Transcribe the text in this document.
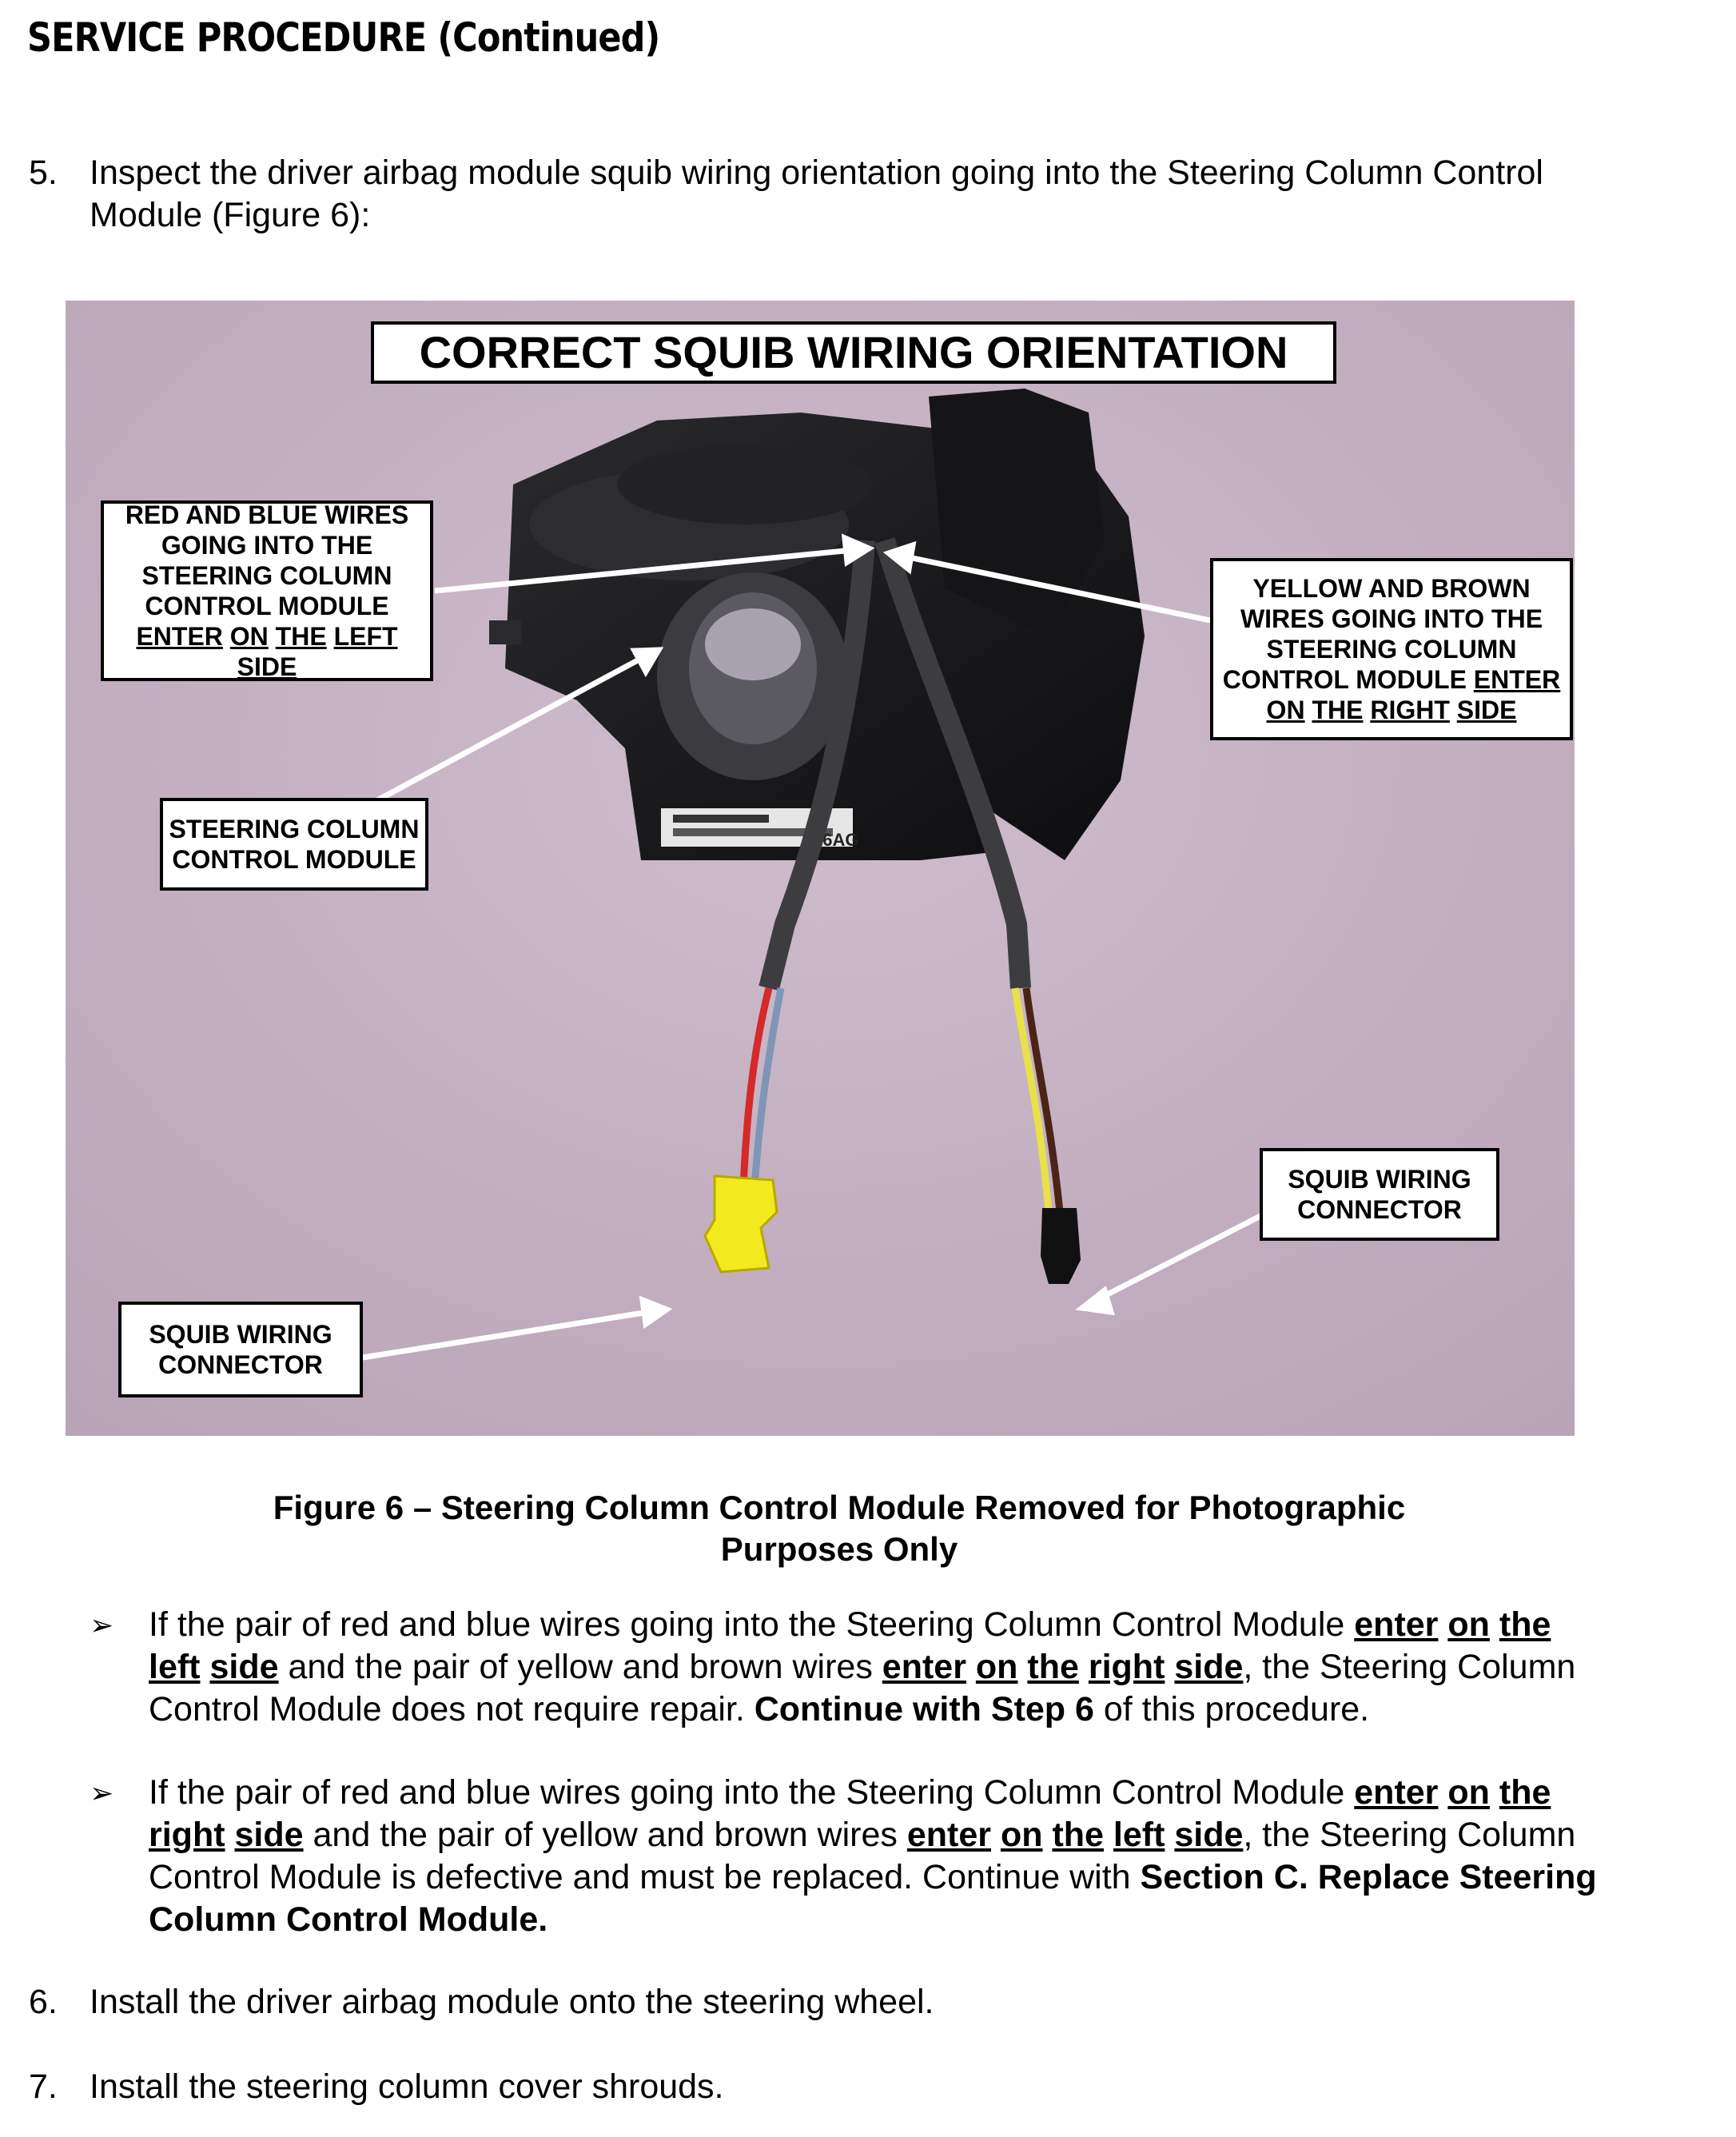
SERVICE PROCEDURE (Continued)
5. Inspect the driver airbag module squib wiring orientation going into the Steering Column Control
Module (Figure 6):
16AG
CORRECT SQUIB WIRING ORIENTATION
RED AND BLUE WIRES
GOING INTO THE
STEERING COLUMN
CONTROL MODULE
ENTER ON THE LEFT
SIDE
YELLOW AND BROWN
WIRES GOING INTO THE
STEERING COLUMN
CONTROL MODULE ENTER
ON THE RIGHT SIDE
STEERING COLUMN
CONTROL MODULE
SQUIB WIRING
CONNECTOR
SQUIB WIRING
CONNECTOR
Figure 6 – Steering Column Control Module Removed for Photographic
Purposes Only
➢ If the pair of red and blue wires going into the Steering Column Control Module enter on the
left side and the pair of yellow and brown wires enter on the right side, the Steering Column
Control Module does not require repair. Continue with Step 6 of this procedure.
➢ If the pair of red and blue wires going into the Steering Column Control Module enter on the
right side and the pair of yellow and brown wires enter on the left side, the Steering Column
Control Module is defective and must be replaced. Continue with Section C. Replace Steering
Column Control Module.
6. Install the driver airbag module onto the steering wheel.
7. Install the steering column cover shrouds.
